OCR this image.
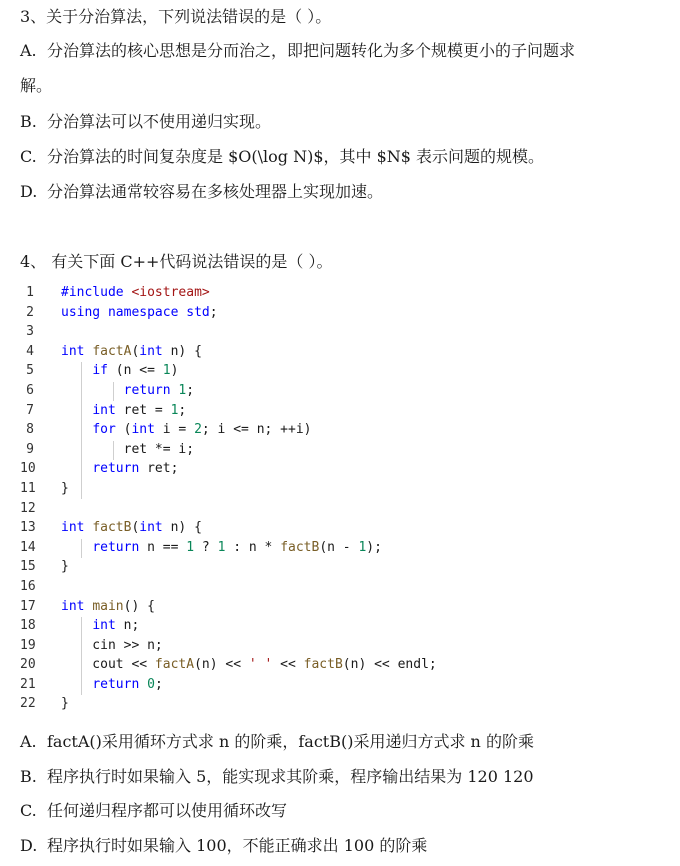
3、关于分治算法，下列说法错误的是（ ）。
A. 分治算法的核心思想是分而治之，即把问题转化为多个规模更小的子问题求
解。
B. 分治算法可以不使用递归实现。
C. 分治算法的时间复杂度是 $O(\log N)$，其中 $N$ 表示问题的规模。
D. 分治算法通常较容易在多核处理器上实现加速。
4、 有关下面 C++代码说法错误的是（ ）。
1 #include <iostream>
2 using namespace std;
3
4 int factA(int n) {
5	if (n <= 1)
6	return 1;
7	int ret = 1;
8	for (int i = 2; i <= n; ++i)
9 ret *= i;
10	return ret;
11 }
12
13 int factB(int n) {
14	return n == 1 ? 1 : n * factB(n - 1);
15 }
16
17 int main() {
18	int n;
19 cin >> n;
20 cout << factA(n) << ' ' << factB(n) << endl;
21	return 0;
22 }
A. factA()采用循环方式求 n 的阶乘，factB()采用递归方式求 n 的阶乘
B. 程序执行时如果输入 5，能实现求其阶乘，程序输出结果为 120 120
C. 任何递归程序都可以使用循环改写
D. 程序执行时如果输入 100，不能正确求出 100 的阶乘
